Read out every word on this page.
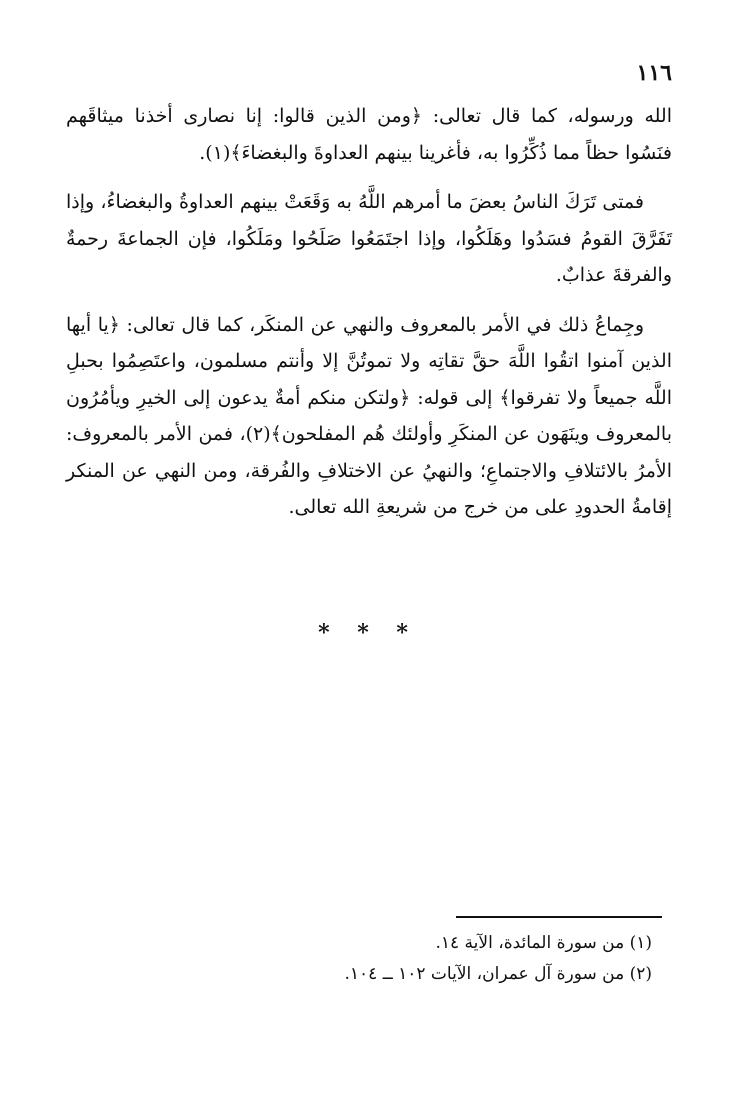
١١٦

الله ورسوله، كما قال تعالى: ﴿ومن الذين قالوا: إنا نصارى أخذنا ميثاقَهم فنَسُوا حظاً مما ذُكِّرُوا به، فأغرينا بينهم العداوةَ والبغضاءَ﴾(١).

فمتى تَرَكَ الناسُ بعضَ ما أمرهم اللَّهُ به وَقَعَتْ بينهم العداوةُ والبغضاءُ، وإذا تَفَرَّقَ القومُ فسَدُوا وهَلَكُوا، وإذا اجتَمَعُوا صَلَحُوا ومَلَكُوا، فإن الجماعةَ رحمةٌ والفرقةَ عذابٌ.

وجِماعُ ذلك في الأمر بالمعروف والنهي عن المنكَر، كما قال تعالى: ﴿يا أيها الذين آمنوا اتقُوا اللَّهَ حقَّ تقاتِه ولا تموتُنَّ إلا وأنتم مسلمون، واعتَصِمُوا بحبلِ اللَّه جميعاً ولا تفرقوا﴾ إلى قوله: ﴿ولتكن منكم أمةٌ يدعون إلى الخيرِ ويأمُرُون بالمعروف وينَهَون عن المنكَرِ وأولئك هُم المفلحون﴾(٢)، فمن الأمر بالمعروف: الأمرُ بالائتلافِ والاجتماعِ؛ والنهيُ عن الاختلافِ والفُرقة، ومن النهي عن المنكر إقامةُ الحدودِ على من خرج من شريعةِ الله تعالى.

* * *

(١) من سورة المائدة، الآية ١٤.

(٢) من سورة آل عمران، الآيات ١٠٢ ــ ١٠٤.
